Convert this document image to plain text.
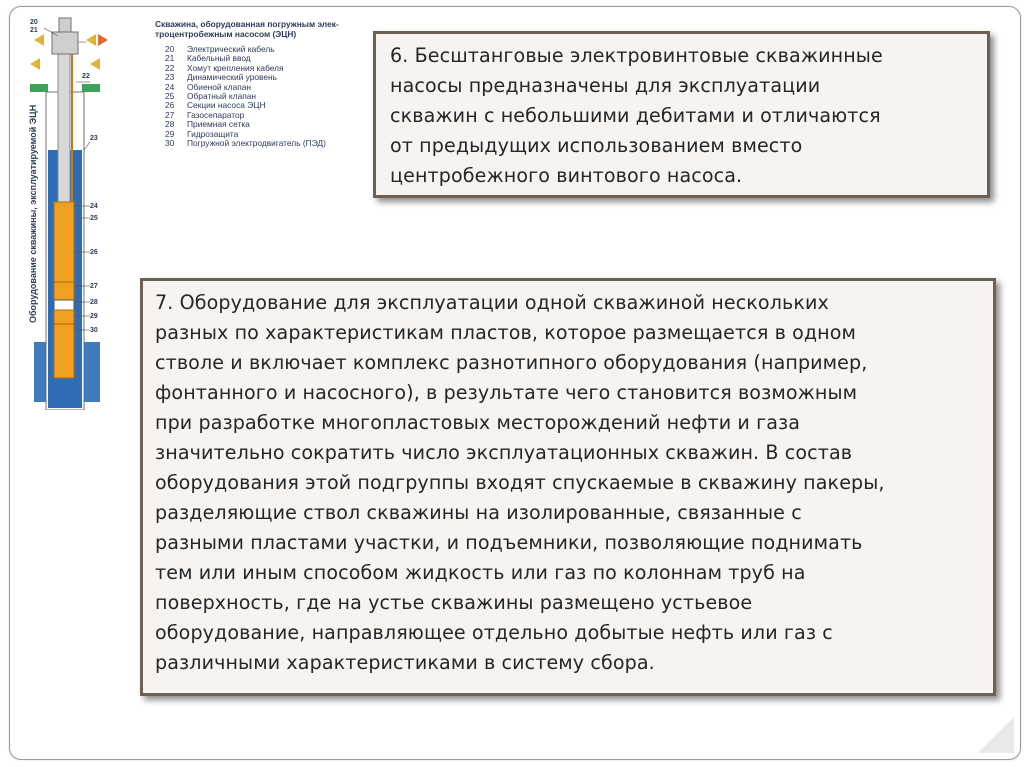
20
21
22
23
24
25
26
27
28
29
30
Оборудование скважины, эксплуатируемой ЭЦН
Скважина, оборудованная погружным элек-
троцентробежным насосом (ЭЦН)
20	Электрический кабель
21	Кабельный ввод
22	Хомут крепления кабеля
23	Динамический уровень
24	Обиеной клапан
25	Обратный клапан
26	Секции насоса ЭЦН
27	Газосепаратор
28	Приемная сетка
29	Гидрозащита
30	Погружной электродвигатель (ПЭД)

6. Бесштанговые электровинтовые скважинные

насосы предназначены для эксплуатации

скважин с небольшими дебитами и отличаются

от предыдущих использованием вместо

центробежного винтового насоса.

7. Оборудование для эксплуатации одной скважиной нескольких

разных по характеристикам пластов, которое размещается в одном

стволе и включает комплекс разнотипного оборудования (например,

фонтанного и насосного), в результате чего становится возможным

при разработке многопластовых месторождений нефти и газа

значительно сократить число эксплуатационных скважин. В состав

оборудования этой подгруппы входят спускаемые в скважину пакеры,

разделяющие ствол скважины на изолированные, связанные с

разными пластами участки, и подъемники, позволяющие поднимать

тем или иным способом жидкость или газ по колоннам труб на

поверхность, где на устье скважины размещено устьевое

оборудование, направляющее отдельно добытые нефть или газ с

различными характеристиками в систему сбора.
